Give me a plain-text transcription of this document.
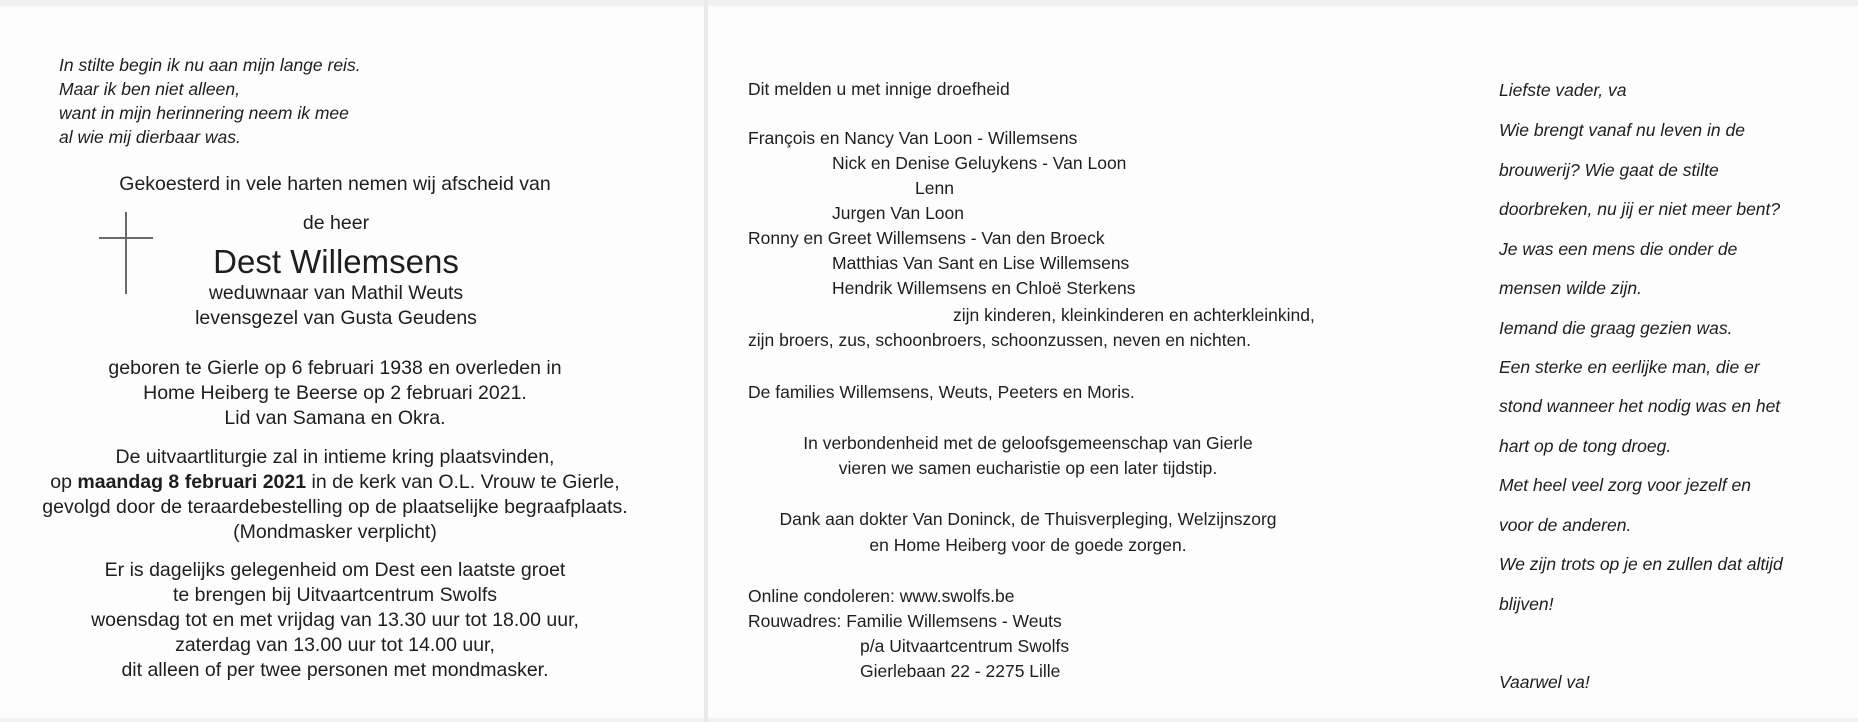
In stilte begin ik nu aan mijn lange reis.
Maar ik ben niet alleen,
want in mijn herinnering neem ik mee
al wie mij dierbaar was.
Gekoesterd in vele harten nemen wij afscheid van
de heer
Dest Willemsens
weduwnaar van Mathil Weuts
levensgezel van Gusta Geudens
geboren te Gierle op 6 februari 1938 en overleden in
Home Heiberg te Beerse op 2 februari 2021.
Lid van Samana en Okra.
De uitvaartliturgie zal in intieme kring plaatsvinden,
op maandag 8 februari 2021 in de kerk van O.L. Vrouw te Gierle,
gevolgd door de teraardebestelling op de plaatselijke begraafplaats.
(Mondmasker verplicht)
Er is dagelijks gelegenheid om Dest een laatste groet
te brengen bij Uitvaartcentrum Swolfs
woensdag tot en met vrijdag van 13.30 uur tot 18.00 uur,
zaterdag van 13.00 uur tot 14.00 uur,
dit alleen of per twee personen met mondmasker.
Dit melden u met innige droefheid
François en Nancy Van Loon - Willemsens
Nick en Denise Geluykens - Van Loon
Lenn
Jurgen Van Loon
Ronny en Greet Willemsens - Van den Broeck
Matthias Van Sant en Lise Willemsens
Hendrik Willemsens en Chloë Sterkens
zijn kinderen, kleinkinderen en achterkleinkind,
zijn broers, zus, schoonbroers, schoonzussen, neven en nichten.
De families Willemsens, Weuts, Peeters en Moris.
In verbondenheid met de geloofsgemeenschap van Gierle
vieren we samen eucharistie op een later tijdstip.
Dank aan dokter Van Doninck, de Thuisverpleging, Welzijnszorg
en Home Heiberg voor de goede zorgen.
Online condoleren: www.swolfs.be
Rouwadres: Familie Willemsens - Weuts
p/a Uitvaartcentrum Swolfs
Gierlebaan 22 - 2275 Lille
Liefste vader, va
Wie brengt vanaf nu leven in de
brouwerij? Wie gaat de stilte
doorbreken, nu jij er niet meer bent?
Je was een mens die onder de
mensen wilde zijn.
Iemand die graag gezien was.
Een sterke en eerlijke man, die er
stond wanneer het nodig was en het
hart op de tong droeg.
Met heel veel zorg voor jezelf en
voor de anderen.
We zijn trots op je en zullen dat altijd
blijven!
Vaarwel va!
